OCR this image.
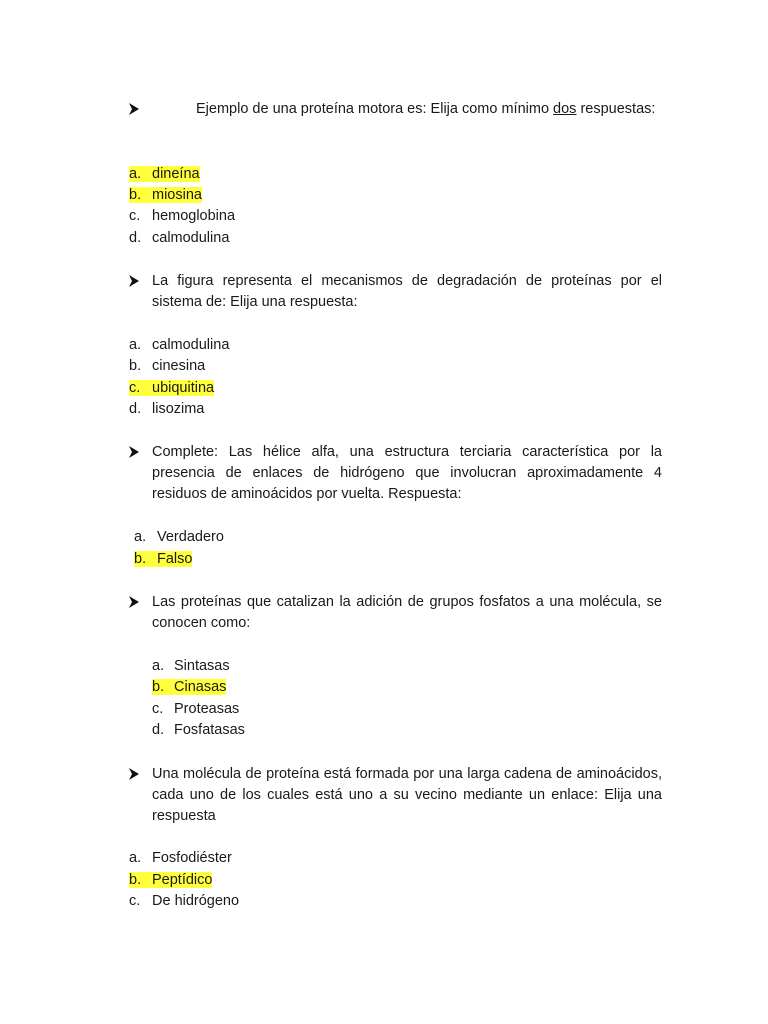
Ejemplo de una proteína motora es: Elija como mínimo dos respuestas:

a. dineína
b. miosina
c. hemoglobina
d. calmodulina

La figura representa el mecanismos de degradación de proteínas por el sistema de: Elija una respuesta:

a. calmodulina
b. cinesina
c. ubiquitina
d. lisozima

Complete: Las hélice alfa, una estructura terciaria característica por la presencia de enlaces de hidrógeno que involucran aproximadamente 4 residuos de aminoácidos por vuelta. Respuesta:

a. Verdadero
b. Falso

Las proteínas que catalizan la adición de grupos fosfatos a una molécula, se conocen como:

a. Sintasas
b. Cinasas
c. Proteasas
d. Fosfatasas

Una molécula de proteína está formada por una larga cadena de aminoácidos, cada uno de los cuales está uno a su vecino mediante un enlace: Elija una respuesta

a. Fosfodiéster
b. Peptídico
c. De hidrógeno
